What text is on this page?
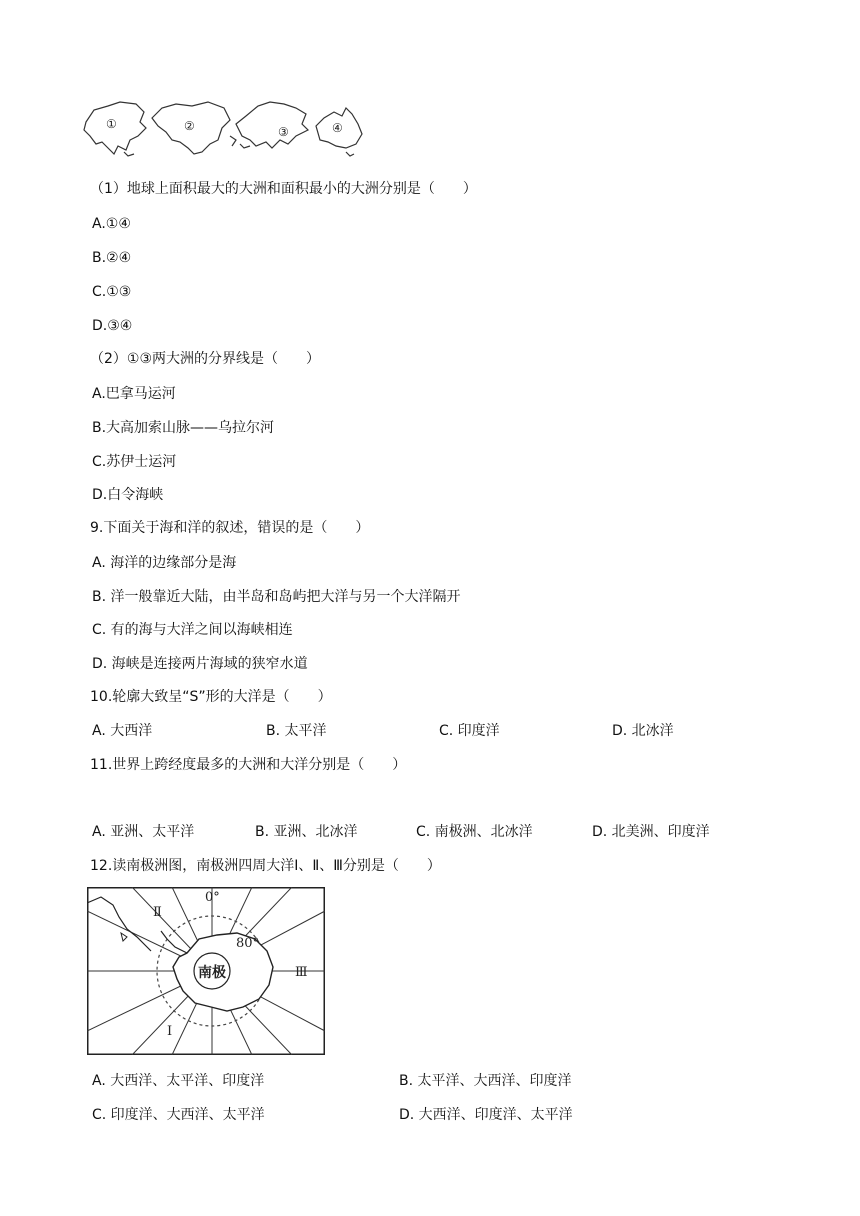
①	②	③	④
（1）地球上面积最大的大洲和面积最小的大洲分别是（　　）
A.①④
B.②④
C.①③
D.③④
（2）①③两大洲的分界线是（　　）
A.巴拿马运河
B.大高加索山脉——乌拉尔河
C.苏伊士运河
D.白令海峡
9.下面关于海和洋的叙述，错误的是（　　）
A. 海洋的边缘部分是海
B. 洋一般靠近大陆，由半岛和岛屿把大洋与另一个大洋隔开
C. 有的海与大洋之间以海峡相连
D. 海峡是连接两片海域的狭窄水道
10.轮廓大致呈“S”形的大洋是（　　）
A. 大西洋	B. 太平洋	C. 印度洋	D. 北冰洋
11.世界上跨经度最多的大洲和大洋分别是（　　）
A. 亚洲、太平洋	B. 亚洲、北冰洋	C. 南极洲、北冰洋	D. 北美洲、印度洋
12.读南极洲图，南极洲四周大洋Ⅰ、Ⅱ、Ⅲ分别是（　　）
0°
80°
南极
Ⅱ
Ⅲ
Ⅰ
A. 大西洋、太平洋、印度洋	B. 太平洋、大西洋、印度洋
C. 印度洋、大西洋、太平洋	D. 大西洋、印度洋、太平洋
